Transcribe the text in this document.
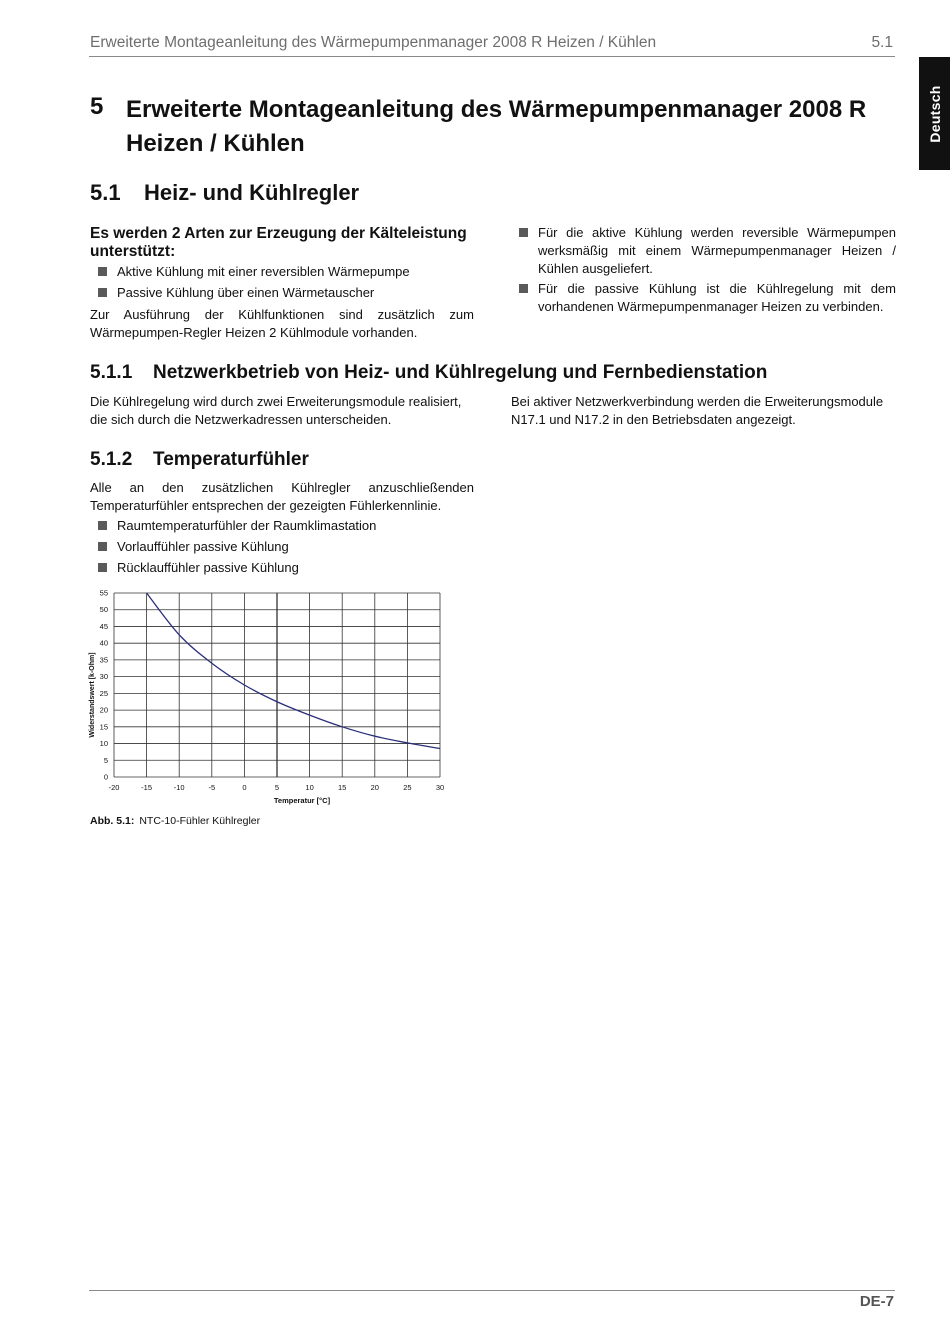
Erweiterte Montageanleitung des Wärmepumpenmanager 2008 R Heizen / Kühlen	5.1
Deutsch
5 Erweiterte Montageanleitung des Wärmepumpenmanager 2008 R Heizen / Kühlen
5.1 Heiz- und Kühlregler
Es werden 2 Arten zur Erzeugung der Kälteleistung unterstützt:
Aktive Kühlung mit einer reversiblen Wärmepumpe
Passive Kühlung über einen Wärmetauscher
Zur Ausführung der Kühlfunktionen sind zusätzlich zum Wärmepumpen-Regler Heizen 2 Kühlmodule vorhanden.
Für die aktive Kühlung werden reversible Wärmepumpen werksmäßig mit einem Wärmepumpenmanager Heizen / Kühlen ausgeliefert.
Für die passive Kühlung ist die Kühlregelung mit dem vorhandenen Wärmepumpenmanager Heizen zu verbinden.
5.1.1 Netzwerkbetrieb von Heiz- und Kühlregelung und Fernbedienstation
Die Kühlregelung wird durch zwei Erweiterungsmodule realisiert, die sich durch die Netzwerkadressen unterscheiden.
Bei aktiver Netzwerkverbindung werden die Erweiterungsmodule N17.1 und N17.2 in den Betriebsdaten angezeigt.
5.1.2 Temperaturfühler
Alle an den zusätzlichen Kühlregler anzuschließenden Temperaturfühler entsprechen der gezeigten Fühlerkennlinie.
Raumtemperaturfühler der Raumklimastation
Vorlauffühler passive Kühlung
Rücklauffühler passive Kühlung
-20	-15	-10	-5	0	5	10	15	20	25	30
0
5
10
15
20
25
30
35
40
45
50
55
Temperatur [°C]
Widerstandswert [k-Ohm]
Abb. 5.1: NTC-10-Fühler Kühlregler
DE-7
